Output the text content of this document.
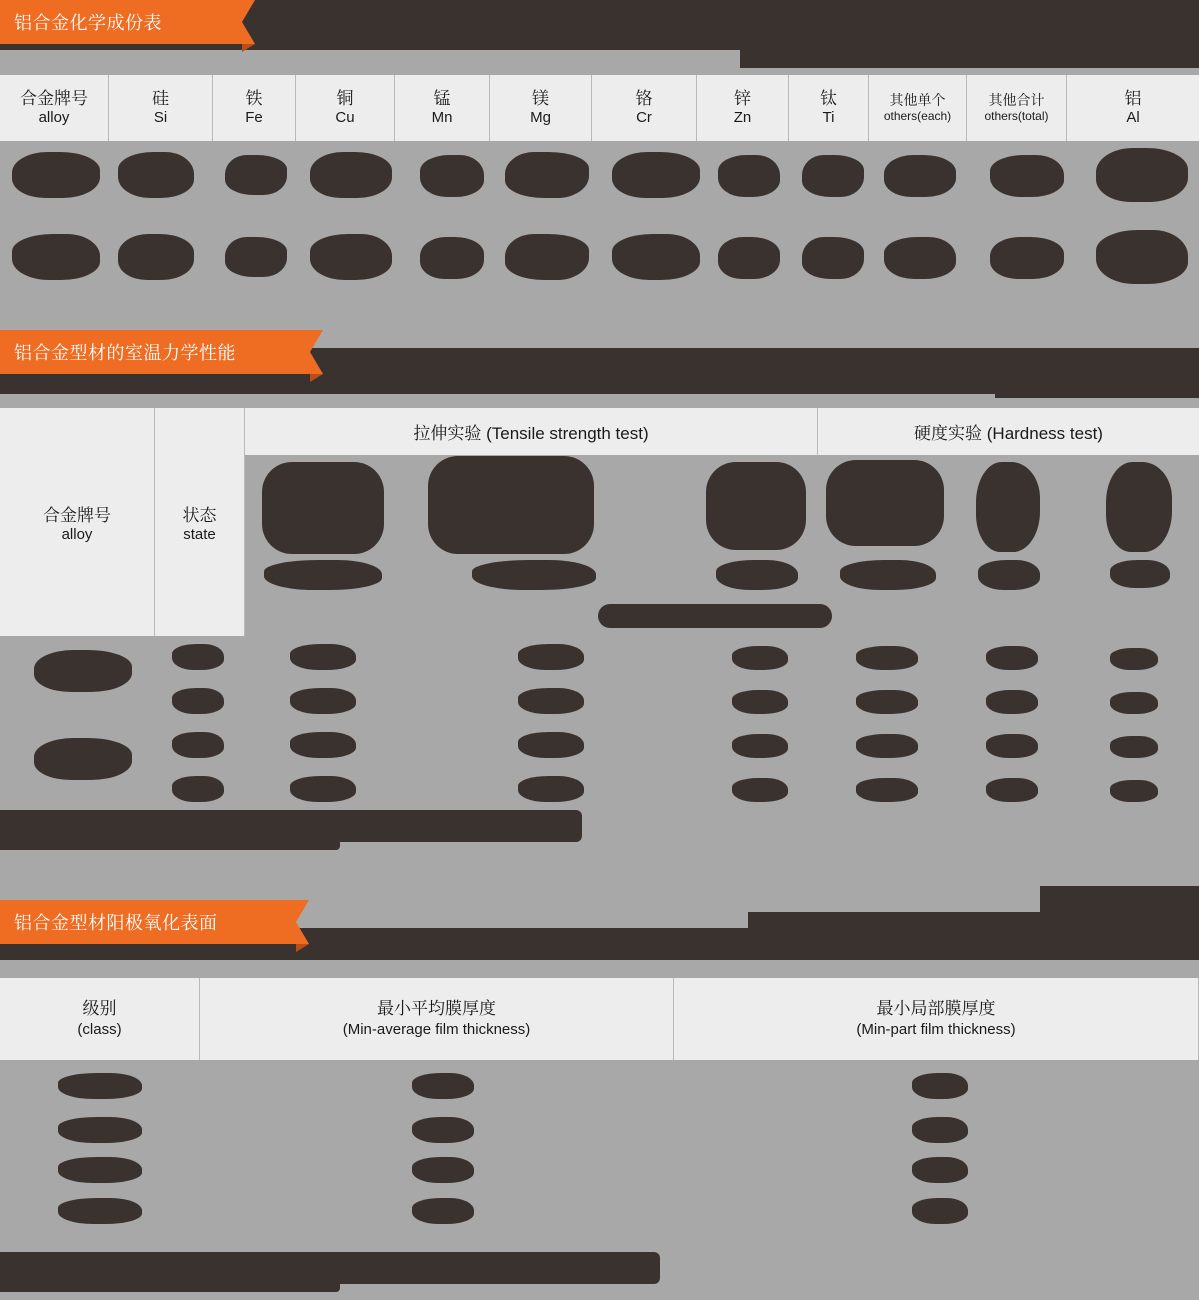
铝合金化学成份表
合金牌号
alloy
硅
Si
铁
Fe
铜
Cu
锰
Mn
镁
Mg
铬
Cr
锌
Zn
钛
Ti
其他单个
others(each)
其他合计
others(total)
铝
Al
铝合金型材的室温力学性能
合金牌号
alloy
状态
state
拉伸实验 (Tensile strength test)	硬度实验 (Hardness test)
铝合金型材阳极氧化表面
级别
(class)
最小平均膜厚度
(Min-average film thickness)
最小局部膜厚度
(Min-part film thickness)
